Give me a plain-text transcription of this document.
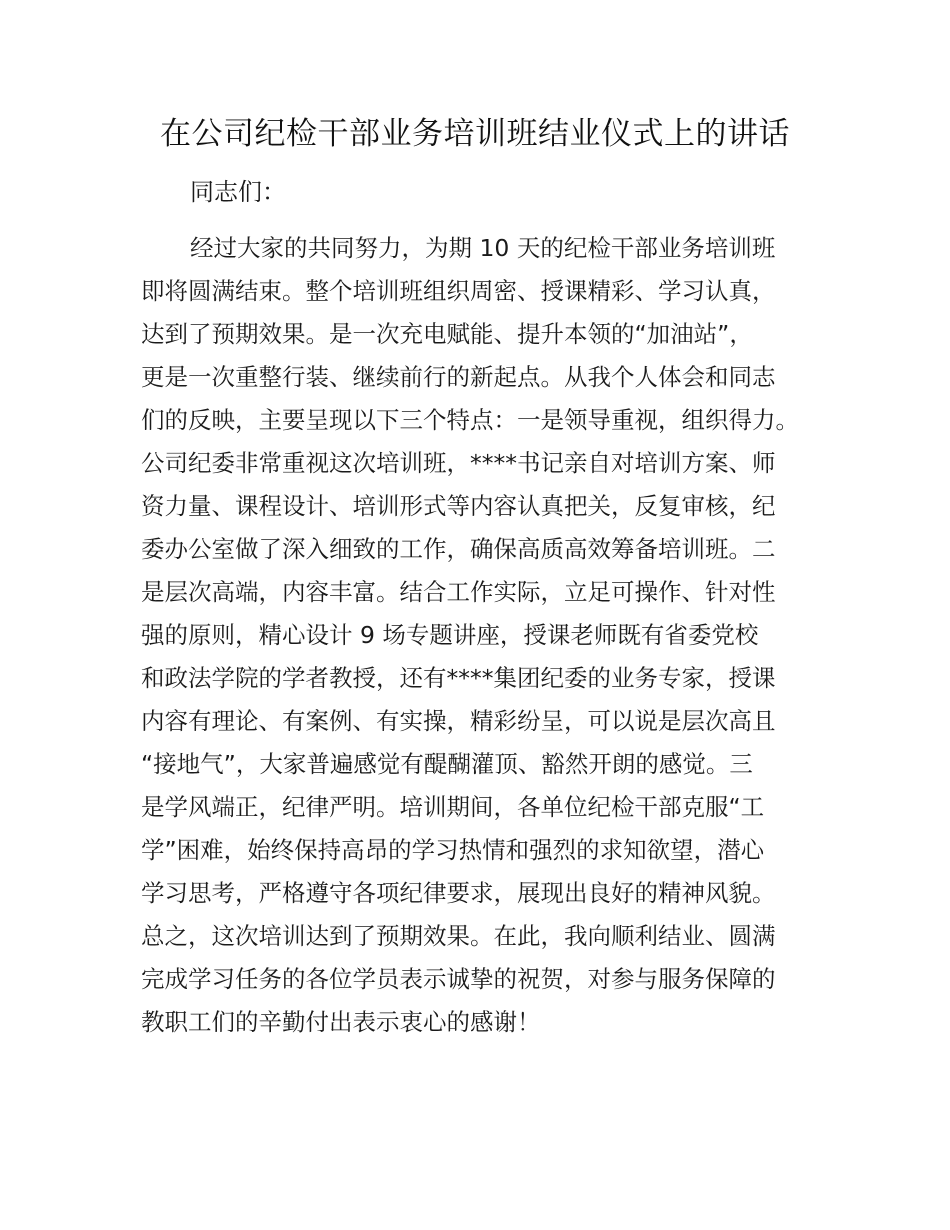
在公司纪检干部业务培训班结业仪式上的讲话
同志们：
经过大家的共同努力，为期 10 天的纪检干部业务培训班
即将圆满结束。整个培训班组织周密、授课精彩、学习认真，
达到了预期效果。是一次充电赋能、提升本领的“加油站”，
更是一次重整行装、继续前行的新起点。从我个人体会和同志
们的反映，主要呈现以下三个特点：一是领导重视，组织得力。
公司纪委非常重视这次培训班，****书记亲自对培训方案、师
资力量、课程设计、培训形式等内容认真把关，反复审核，纪
委办公室做了深入细致的工作，确保高质高效筹备培训班。二
是层次高端，内容丰富。结合工作实际，立足可操作、针对性
强的原则，精心设计 9 场专题讲座，授课老师既有省委党校
和政法学院的学者教授，还有****集团纪委的业务专家，授课
内容有理论、有案例、有实操，精彩纷呈，可以说是层次高且
“接地气”，大家普遍感觉有醍醐灌顶、豁然开朗的感觉。三
是学风端正，纪律严明。培训期间，各单位纪检干部克服“工
学”困难，始终保持高昂的学习热情和强烈的求知欲望，潜心
学习思考，严格遵守各项纪律要求，展现出良好的精神风貌。
总之，这次培训达到了预期效果。在此，我向顺利结业、圆满
完成学习任务的各位学员表示诚挚的祝贺，对参与服务保障的
教职工们的辛勤付出表示衷心的感谢！
